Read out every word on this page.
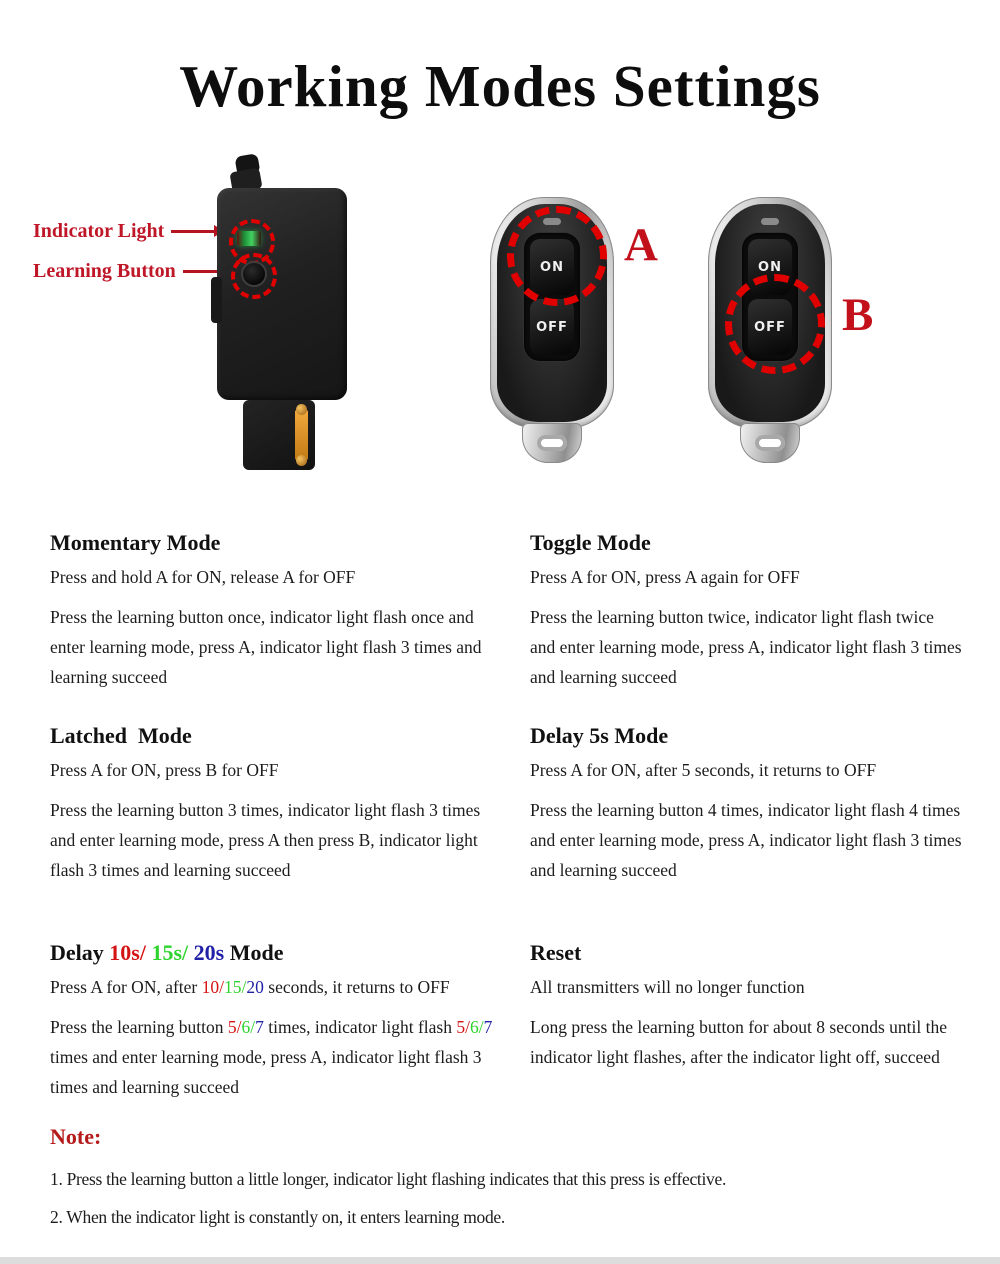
Working Modes Settings
Indicator Light
Learning Button	ON
OFF
A	ON
OFF B
Momentary Mode

Press and hold A for ON, release A for OFF

Press the learning button once, indicator light flash once and enter learning mode, press A, indicator light flash 3 times and learning succeed

Toggle Mode

Press A for ON, press A again for OFF

Press the learning button twice, indicator light flash twice and enter learning mode, press A, indicator light flash 3 times and learning succeed

Latched  Mode

Press A for ON, press B for OFF

Press the learning button 3 times, indicator light flash 3 times and enter learning mode, press A then press B, indicator light flash 3 times and learning succeed

Delay 5s Mode

Press A for ON, after 5 seconds, it returns to OFF

Press the learning button 4 times, indicator light flash 4 times and enter learning mode, press A, indicator light flash 3 times and learning succeed

Delay 10s/ 15s/ 20s Mode

Press A for ON, after 10/15/20 seconds, it returns to OFF

Press the learning button 5/6/7 times, indicator light flash 5/6/7 times and enter learning mode, press A, indicator light flash 3 times and learning succeed

Reset

All transmitters will no longer function

Long press the learning button for about 8 seconds until the indicator light flashes, after the indicator light off, succeed

Note:

1. Press the learning button a little longer, indicator light flashing indicates that this press is effective.

2. When the indicator light is constantly on, it enters learning mode.
